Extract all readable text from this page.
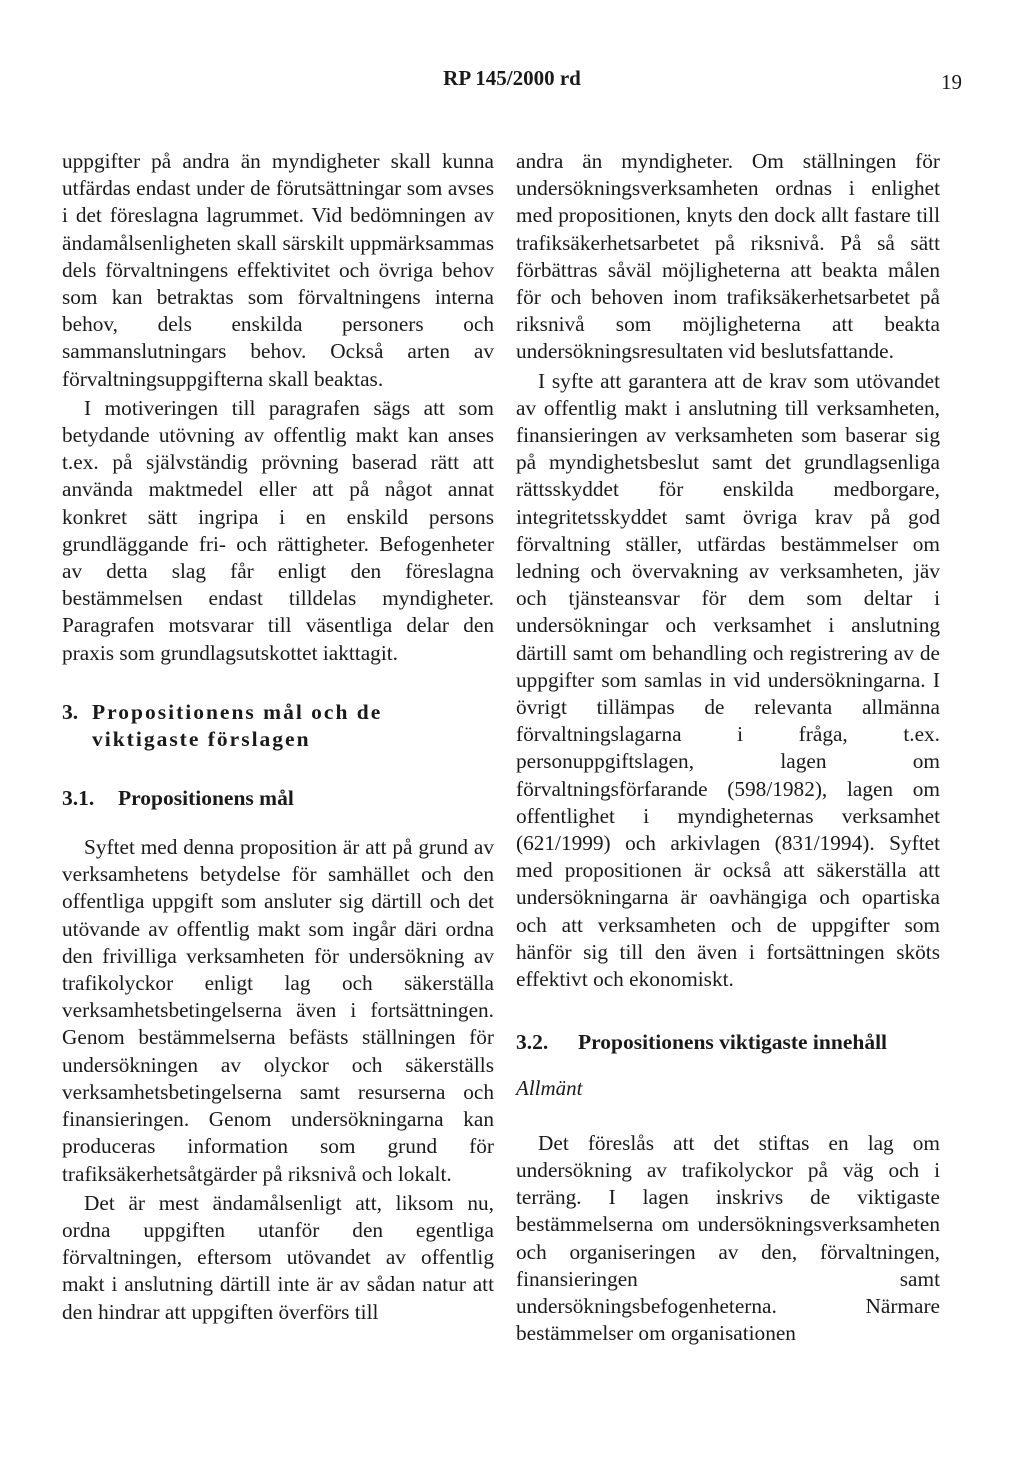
RP 145/2000 rd	19

uppgifter på andra än myndigheter skall kunna utfärdas endast under de förutsättningar som avses i det föreslagna lagrummet. Vid bedömningen av ändamålsenligheten skall särskilt uppmärksammas dels förvaltningens effektivitet och övriga behov som kan betraktas som förvaltningens interna behov, dels enskilda personers och sammanslutningars behov. Också arten av förvaltningsuppgifterna skall beaktas.

I motiveringen till paragrafen sägs att som betydande utövning av offentlig makt kan anses t.ex. på självständig prövning baserad rätt att använda maktmedel eller att på något annat konkret sätt ingripa i en enskild persons grundläggande fri- och rättigheter. Befogenheter av detta slag får enligt den föreslagna bestämmelsen endast tilldelas myndigheter. Paragrafen motsvarar till väsentliga delar den praxis som grundlagsutskottet iakttagit.

3. Propositionens mål och de viktigaste förslagen
3.1.	Propositionens mål

Syftet med denna proposition är att på grund av verksamhetens betydelse för samhället och den offentliga uppgift som ansluter sig därtill och det utövande av offentlig makt som ingår däri ordna den frivilliga verksamheten för undersökning av trafikolyckor enligt lag och säkerställa verksamhetsbetingelserna även i fortsättningen. Genom bestämmelserna befästs ställningen för undersökningen av olyckor och säkerställs verksamhetsbetingelserna samt resurserna och finansieringen. Genom undersökningarna kan produceras information som grund för trafiksäkerhetsåtgärder på riksnivå och lokalt.

Det är mest ändamålsenligt att, liksom nu, ordna uppgiften utanför den egentliga förvaltningen, eftersom utövandet av offentlig makt i anslutning därtill inte är av sådan natur att den hindrar att uppgiften överförs till

andra än myndigheter. Om ställningen för undersökningsverksamheten ordnas i enlighet med propositionen, knyts den dock allt fastare till trafiksäkerhetsarbetet på riksnivå. På så sätt förbättras såväl möjligheterna att beakta målen för och behoven inom trafiksäkerhetsarbetet på riksnivå som möjligheterna att beakta undersökningsresultaten vid beslutsfattande.

I syfte att garantera att de krav som utövandet av offentlig makt i anslutning till verksamheten, finansieringen av verksamheten som baserar sig på myndighetsbeslut samt det grundlagsenliga rättsskyddet för enskilda medborgare, integritetsskyddet samt övriga krav på god förvaltning ställer, utfärdas bestämmelser om ledning och övervakning av verksamheten, jäv och tjänsteansvar för dem som deltar i undersökningar och verksamhet i anslutning därtill samt om behandling och registrering av de uppgifter som samlas in vid undersökningarna. I övrigt tillämpas de relevanta allmänna förvaltningslagarna i fråga, t.ex. personuppgiftslagen, lagen om förvaltningsförfarande (598/1982), lagen om offentlighet i myndigheternas verksamhet (621/1999) och arkivlagen (831/1994). Syftet med propositionen är också att säkerställa att undersökningarna är oavhängiga och opartiska och att verksamheten och de uppgifter som hänför sig till den även i fortsättningen sköts effektivt och ekonomiskt.

3.2.	Propositionens viktigaste innehåll
Allmänt

Det föreslås att det stiftas en lag om undersökning av trafikolyckor på väg och i terräng. I lagen inskrivs de viktigaste bestämmelserna om undersökningsverksamheten och organiseringen av den, förvaltningen, finansieringen samt undersökningsbefogenheterna. Närmare bestämmelser om organisationen
